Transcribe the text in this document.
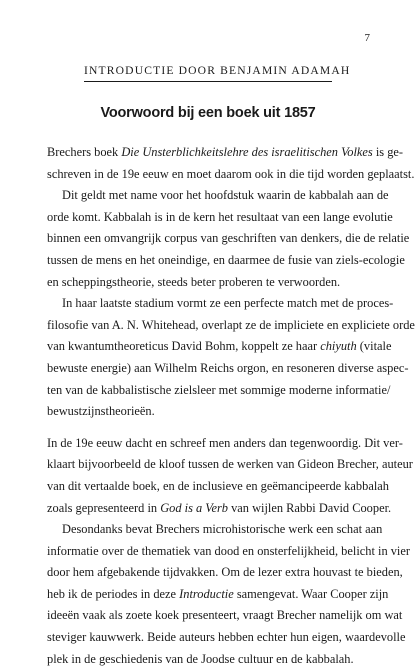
7
INTRODUCTIE DOOR BENJAMIN ADAMAH
Voorwoord bij een boek uit 1857
Brechers boek Die Unsterblichkeitslehre des israelitischen Volkes is ge-
schreven in de 19e eeuw en moet daarom ook in die tijd worden geplaatst.
Dit geldt met name voor het hoofdstuk waarin de kabbalah aan de
orde komt. Kabbalah is in de kern het resultaat van een lange evolutie
binnen een omvangrijk corpus van geschriften van denkers, die de relatie
tussen de mens en het oneindige, en daarmee de fusie van ziels-ecologie
en scheppingstheorie, steeds beter proberen te verwoorden.
In haar laatste stadium vormt ze een perfecte match met de proces-
filosofie van A. N. Whitehead, overlapt ze de impliciete en expliciete orde
van kwantumtheoreticus David Bohm, koppelt ze haar chiyuth (vitale
bewuste energie) aan Wilhelm Reichs orgon, en resoneren diverse aspec-
ten van de kabbalistische zielsleer met sommige moderne informatie/
bewustzijnstheorieën.
In de 19e eeuw dacht en schreef men anders dan tegenwoordig. Dit ver-
klaart bijvoorbeeld de kloof tussen de werken van Gideon Brecher, auteur
van dit vertaalde boek, en de inclusieve en geëmancipeerde kabbalah
zoals gepresenteerd in God is a Verb van wijlen Rabbi David Cooper.
Desondanks bevat Brechers microhistorische werk een schat aan
informatie over de thematiek van dood en onsterfelijkheid, belicht in vier
door hem afgebakende tijdvakken. Om de lezer extra houvast te bieden,
heb ik de periodes in deze Introductie samengevat. Waar Cooper zijn
ideeën vaak als zoete koek presenteert, vraagt Brecher namelijk om wat
steviger kauwwerk. Beide auteurs hebben echter hun eigen, waardevolle
plek in de geschiedenis van de Joodse cultuur en de kabbalah.
